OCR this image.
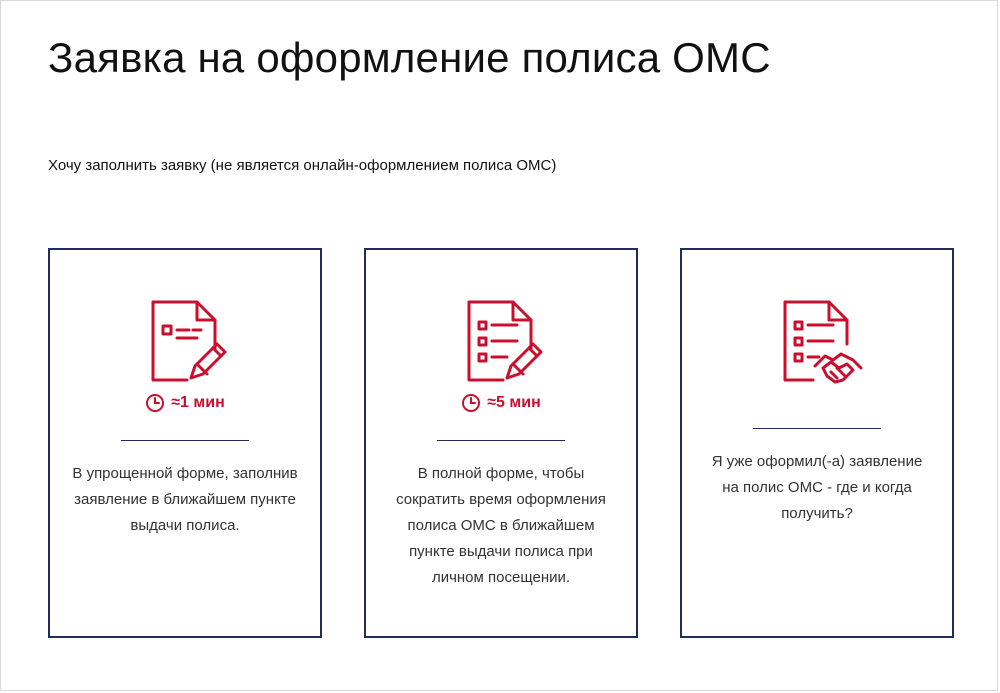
Заявка на оформление полиса ОМС

Хочу заполнить заявку (не является онлайн-оформлением полиса ОМС)

≈1 мин
В упрощенной форме, заполнив заявление в ближайшем пункте выдачи полиса.
≈5 мин
В полной форме, чтобы сократить время оформления полиса ОМС в ближайшем пункте выдачи полиса при личном посещении.
Я уже оформил(-а) заявление на полис ОМС - где и когда получить?
